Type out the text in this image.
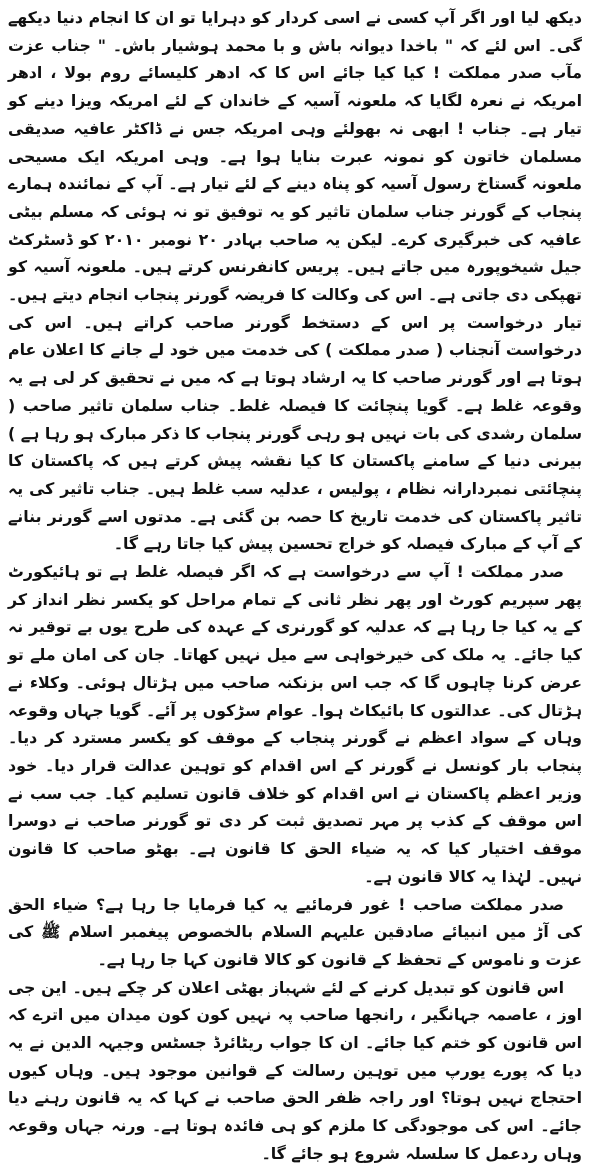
دیکھ لیا اور اگر آپ کسی نے اسی کردار کو دہرایا تو ان کا انجام دنیا دیکھے گی۔ اس لئے کہ " باخدا دیوانہ باش و با محمد ہوشیار باش۔ " جناب عزت مآب صدر مملکت ! کیا کیا جائے اس کا کہ ادھر کلیسائے روم بولا ، ادھر امریکہ نے نعرہ لگایا کہ ملعونہ آسیہ کے خاندان کے لئے امریکہ ویزا دینے کو تیار ہے۔ جناب ! ابھی نہ بھولئے وہی امریکہ جس نے ڈاکٹر عافیہ صدیقی مسلمان خاتون کو نمونہ عبرت بنایا ہوا ہے۔ وہی امریکہ ایک مسیحی ملعونہ گستاخ رسول آسیہ کو پناہ دینے کے لئے تیار ہے۔ آپ کے نمائندہ ہمارے پنجاب کے گورنر جناب سلمان تاثیر کو یہ توفیق تو نہ ہوئی کہ مسلم بیٹی عافیہ کی خبرگیری کرے۔ لیکن یہ صاحب بہادر ۲۰ نومبر ۲۰۱۰ کو ڈسٹرکٹ جیل شیخوپورہ میں جاتے ہیں۔ پریس کانفرنس کرتے ہیں۔ ملعونہ آسیہ کو تھپکی دی جاتی ہے۔ اس کی وکالت کا فریضہ گورنر پنجاب انجام دیتے ہیں۔ تیار درخواست پر اس کے دستخط گورنر صاحب کراتے ہیں۔ اس کی درخواست آنجناب ( صدر مملکت ) کی خدمت میں خود لے جانے کا اعلان عام ہوتا ہے اور گورنر صاحب کا یہ ارشاد ہوتا ہے کہ میں نے تحقیق کر لی ہے یہ وقوعہ غلط ہے۔ گویا پنچائت کا فیصلہ غلط۔ جناب سلمان تاثیر صاحب ( سلمان رشدی کی بات نہیں ہو رہی گورنر پنجاب کا ذکر مبارک ہو رہا ہے ) بیرنی دنیا کے سامنے پاکستان کا کیا نقشہ پیش کرتے ہیں کہ پاکستان کا پنچائتی نمبردارانہ نظام ، پولیس ، عدلیہ سب غلط ہیں۔ جناب تاثیر کی یہ تاثیر پاکستان کی خدمت تاریخ کا حصہ بن گئی ہے۔ مدتوں اسے گورنر بنانے کے آپ کے مبارک فیصلہ کو خراج تحسین پیش کیا جاتا رہے گا۔

صدر مملکت ! آپ سے درخواست ہے کہ اگر فیصلہ غلط ہے تو ہائیکورٹ پھر سپریم کورٹ اور پھر نظر ثانی کے تمام مراحل کو یکسر نظر انداز کر کے یہ کیا جا رہا ہے کہ عدلیہ کو گورنری کے عہدہ کی طرح یوں بے توقیر نہ کیا جائے۔ یہ ملک کی خیرخواہی سے میل نہیں کھاتا۔ جان کی امان ملے تو عرض کرنا چاہوں گا کہ جب اس بزنکنہ صاحب میں ہڑتال ہوئی۔ وکلاء نے ہڑتال کی۔ عدالتوں کا بائیکاٹ ہوا۔ عوام سڑکوں پر آئے۔ گویا جہاں وقوعہ وہاں کے سواد اعظم نے گورنر پنجاب کے موقف کو یکسر مسترد کر دیا۔ پنجاب بار کونسل نے گورنر کے اس اقدام کو توہین عدالت قرار دیا۔ خود وزیر اعظم پاکستان نے اس اقدام کو خلاف قانون تسلیم کیا۔ جب سب نے اس موقف کے کذب پر مہر تصدیق ثبت کر دی تو گورنر صاحب نے دوسرا موقف اختیار کیا کہ یہ ضیاء الحق کا قانون ہے۔ بھٹو صاحب کا قانون نہیں۔ لہٰذا یہ کالا قانون ہے۔

صدر مملکت صاحب ! غور فرمائیے یہ کیا فرمایا جا رہا ہے؟ ضیاء الحق کی آڑ میں انبیائے صادقین علیہم السلام بالخصوص پیغمبر اسلام ﷺ کی عزت و ناموس کے تحفظ کے قانون کو کالا قانون کہا جا رہا ہے۔

اس قانون کو تبدیل کرنے کے لئے شہباز بھٹی اعلان کر چکے ہیں۔ این جی اوز ، عاصمہ جہانگیر ، رانجھا صاحب پہ نہیں کون کون میدان میں اترے کہ اس قانون کو ختم کیا جائے۔ ان کا جواب ریٹائرڈ جسٹس وجیہہ الدین نے یہ دیا کہ پورے یورپ میں توہین رسالت کے قوانین موجود ہیں۔ وہاں کیوں احتجاج نہیں ہوتا؟ اور راجہ ظفر الحق صاحب نے کہا کہ یہ قانون رہنے دیا جائے۔ اس کی موجودگی کا ملزم کو ہی فائدہ ہوتا ہے۔ ورنہ جہاں وقوعہ وہاں ردعمل کا سلسلہ شروع ہو جائے گا۔
